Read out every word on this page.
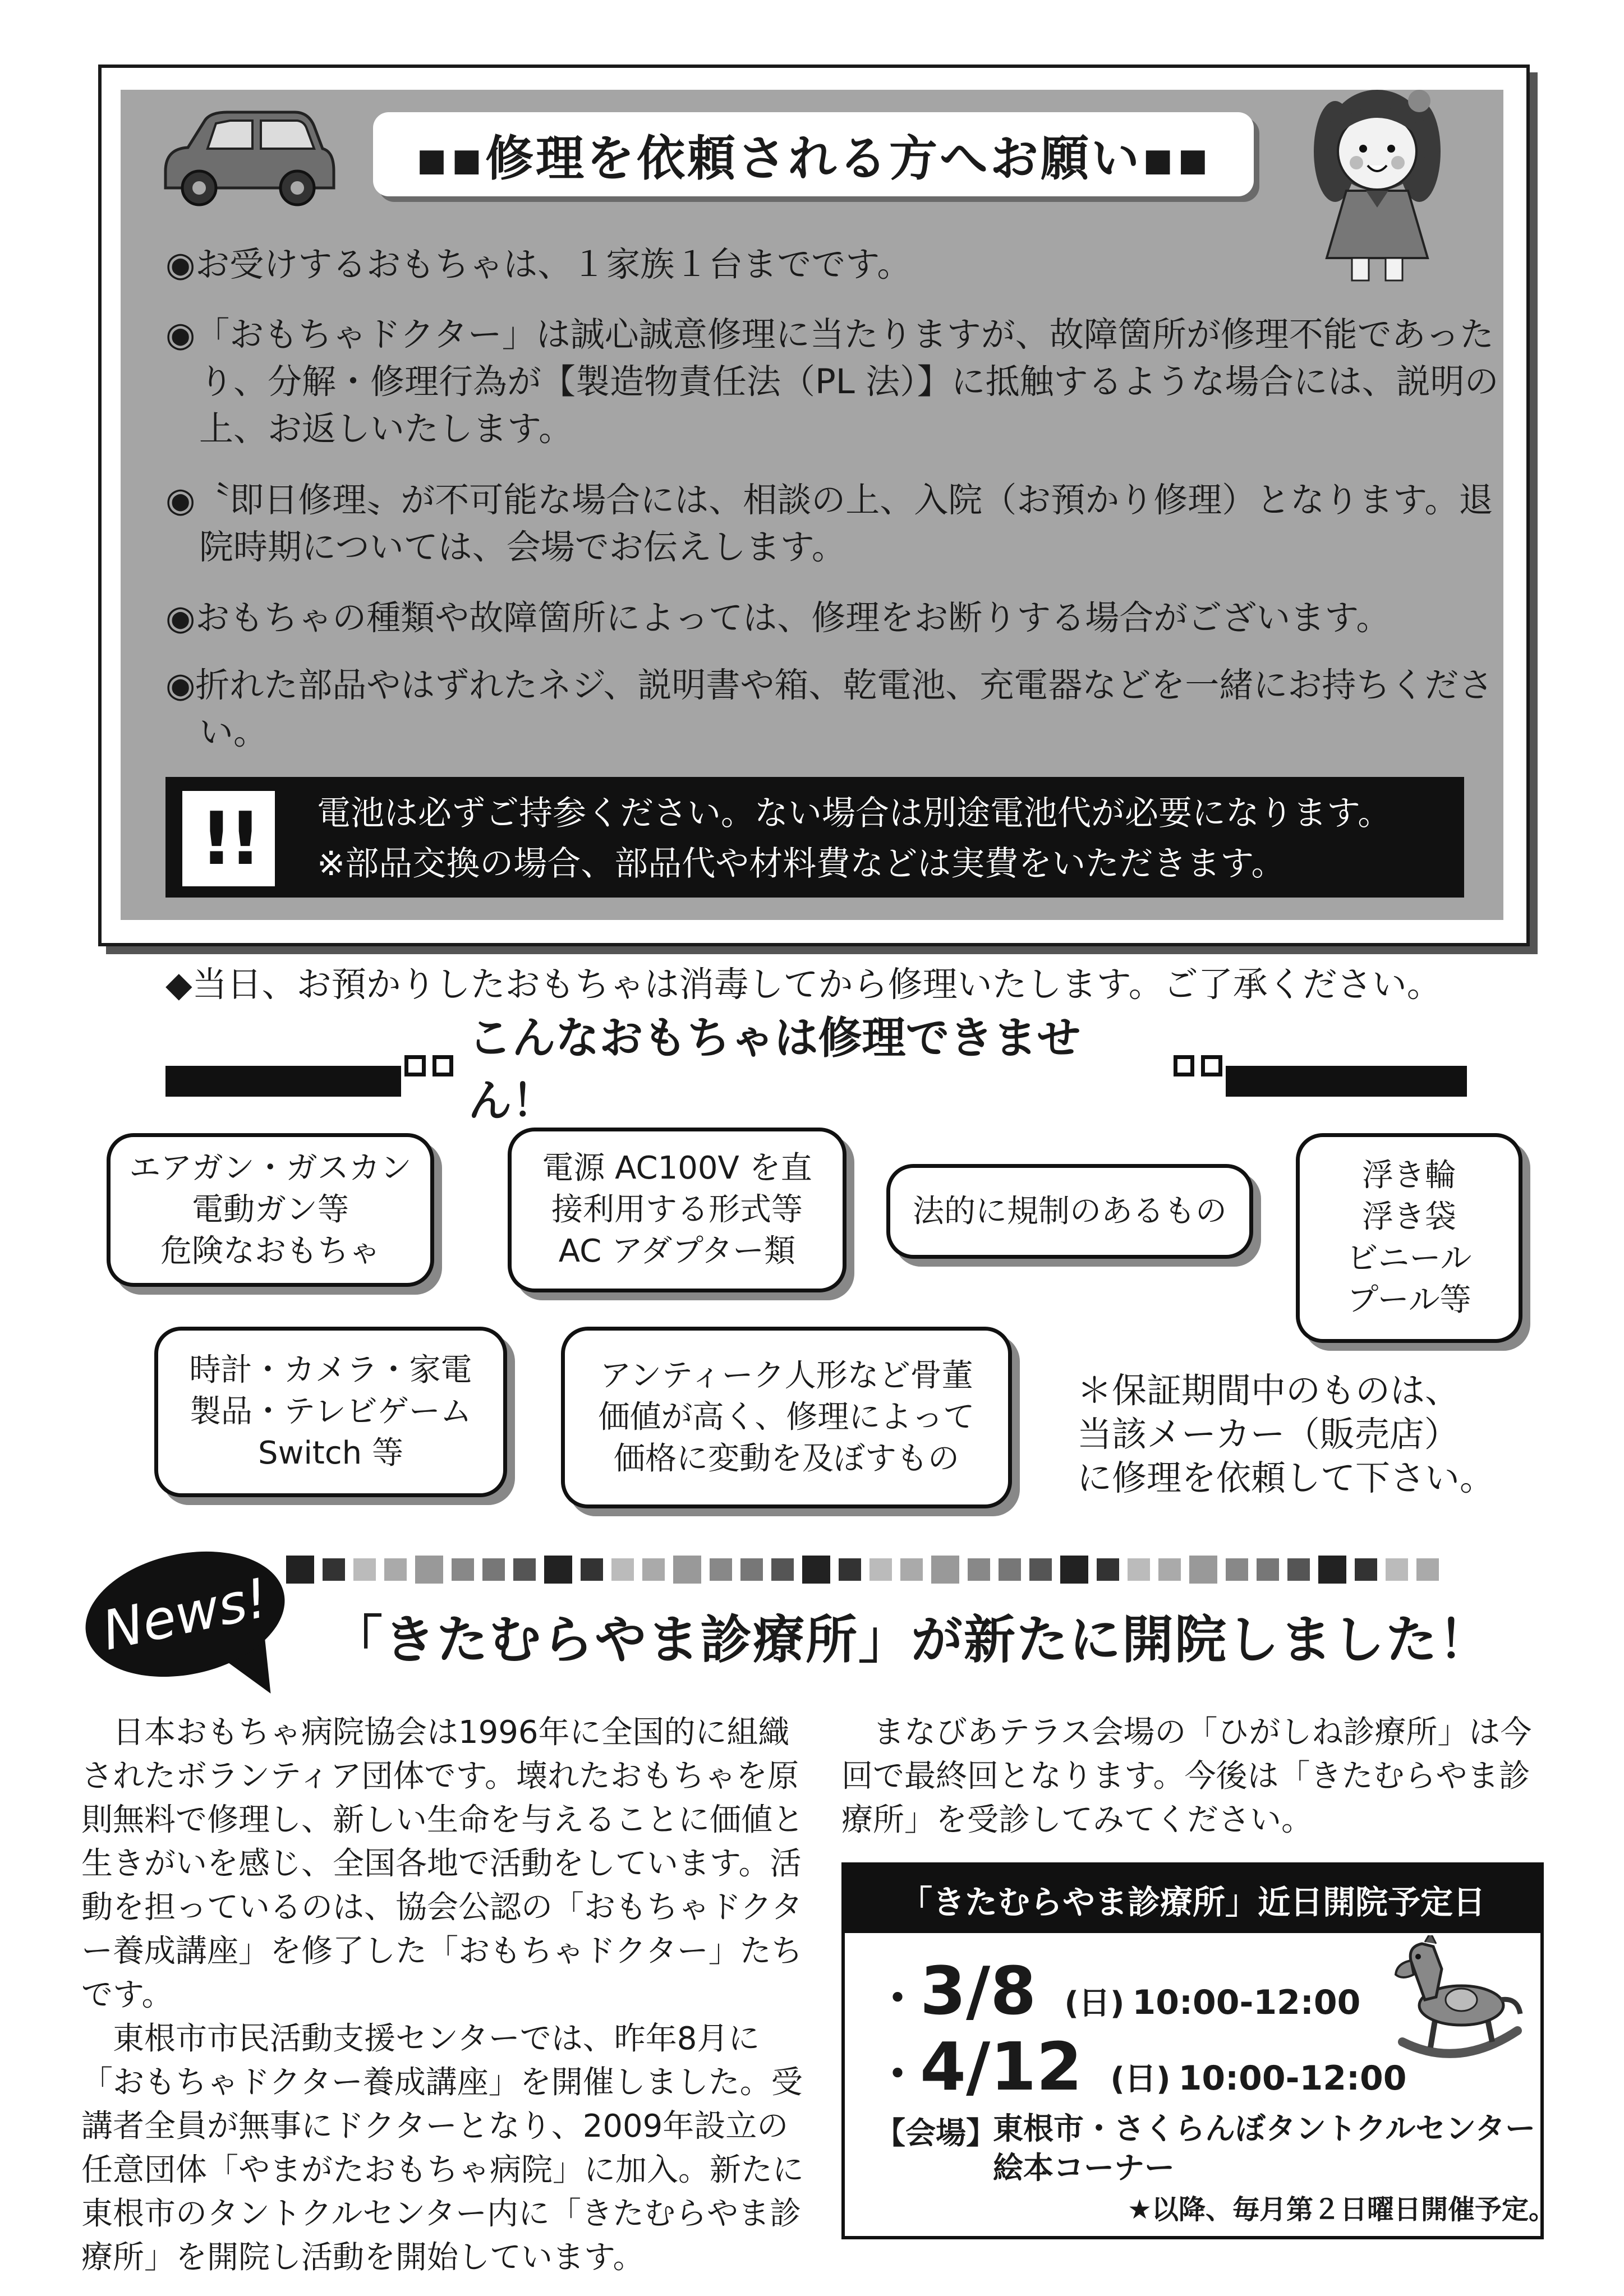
▪▪修理を依頼される方へお願い▪▪
◉お受けするおもちゃは、１家族１台までです。
◉「おもちゃドクター」は誠心誠意修理に当たりますが、故障箇所が修理不能であったり、分解・修理行為が【製造物責任法（PL 法）】に抵触するような場合には、説明の上、お返しいたします。
◉〝即日修理〟が不可能な場合には、相談の上、入院（お預かり修理）となります。退院時期については、会場でお伝えします。
◉おもちゃの種類や故障箇所によっては、修理をお断りする場合がございます。
◉折れた部品やはずれたネジ、説明書や箱、乾電池、充電器などを一緒にお持ちください。
!!	電池は必ずご持参ください。ない場合は別途電池代が必要になります。
※部品交換の場合、部品代や材料費などは実費をいただきます。
◆当日、お預かりしたおもちゃは消毒してから修理いたします。ご了承ください。
こんなおもちゃは修理できません！
エアガン・ガスカン
電動ガン等
危険なおもちゃ
電源 AC100V を直
接利用する形式等
AC アダプター類
法的に規制のあるもの
浮き輪
浮き袋
ビニール
プール等
時計・カメラ・家電
製品・テレビゲーム
Switch 等
アンティーク人形など骨董
価値が高く、修理によって
価格に変動を及ぼすもの
＊保証期間中のものは、
当該メーカー（販売店）
に修理を依頼して下さい。
News!	「きたむらやま診療所」が新たに開院しました！

日本おもちゃ病院協会は1996年に全国的に組織されたボランティア団体です。壊れたおもちゃを原則無料で修理し、新しい生命を与えることに価値と生きがいを感じ、全国各地で活動をしています。活動を担っているのは、協会公認の「おもちゃドクター養成講座」を修了した「おもちゃドクター」たちです。

東根市市民活動支援センターでは、昨年8月に「おもちゃドクター養成講座」を開催しました。受講者全員が無事にドクターとなり、2009年設立の任意団体「やまがたおもちゃ病院」に加入。新たに東根市のタントクルセンター内に「きたむらやま診療所」を開院し活動を開始しています。

まなびあテラス会場の「ひがしね診療所」は今回で最終回となります。今後は「きたむらやま診療所」を受診してみてください。

「きたむらやま診療所」近日開院予定日
・3/8 (日) 10:00-12:00
・4/12 (日) 10:00-12:00
【会場】
東根市・さくらんぼタントクルセンター
絵本コーナー
★以降、毎月第２日曜日開催予定。
